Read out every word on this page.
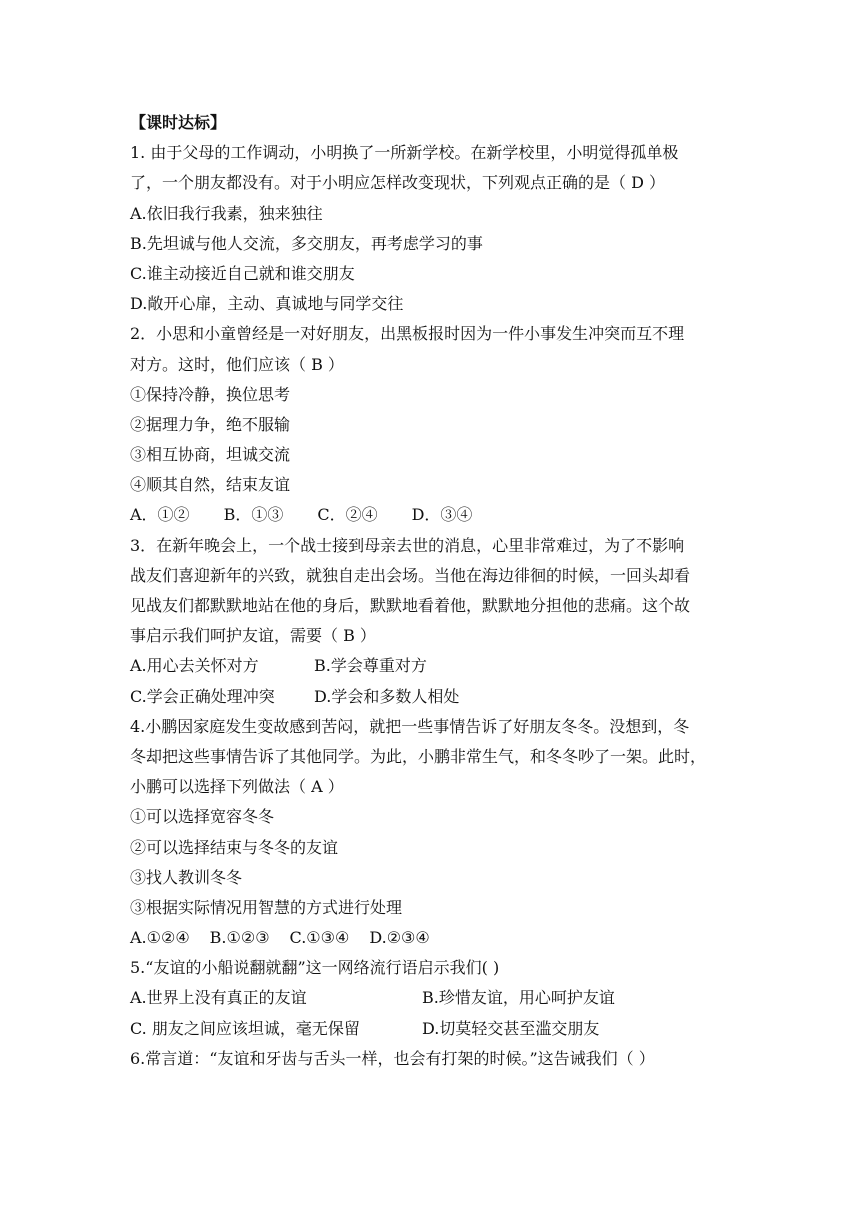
【课时达标】
1. 由于父母的工作调动，小明换了一所新学校。在新学校里，小明觉得孤单极
了，一个朋友都没有。对于小明应怎样改变现状，下列观点正确的是（ D ）
A.依旧我行我素，独来独往
B.先坦诚与他人交流，多交朋友，再考虑学习的事
C.谁主动接近自己就和谁交朋友
D.敞开心扉，主动、真诚地与同学交往
2．小思和小童曾经是一对好朋友，出黑板报时因为一件小事发生冲突而互不理
对方。这时，他们应该（ B ）
①保持冷静，换位思考
②据理力争，绝不服输
③相互协商，坦诚交流
④顺其自然，结束友谊
A．①② B．①③ C．②④ D．③④
3．在新年晚会上，一个战士接到母亲去世的消息，心里非常难过，为了不影响
战友们喜迎新年的兴致，就独自走出会场。当他在海边徘徊的时候，一回头却看
见战友们都默默地站在他的身后，默默地看着他，默默地分担他的悲痛。这个故
事启示我们呵护友谊，需要（ B ）
A.用心去关怀对方	B.学会尊重对方
C.学会正确处理冲突	D.学会和多数人相处
4.小鹏因家庭发生变故感到苦闷，就把一些事情告诉了好朋友冬冬。没想到，冬
冬却把这些事情告诉了其他同学。为此，小鹏非常生气，和冬冬吵了一架。此时，
小鹏可以选择下列做法（ A ）
①可以选择宽容冬冬
②可以选择结束与冬冬的友谊
③找人教训冬冬
③根据实际情况用智慧的方式进行处理
A.①②④ B.①②③ C.①③④ D.②③④
5.“友谊的小船说翻就翻”这一网络流行语启示我们( )
A.世界上没有真正的友谊	B.珍惜友谊，用心呵护友谊
C. 朋友之间应该坦诚，毫无保留	D.切莫轻交甚至滥交朋友
6.常言道：“友谊和牙齿与舌头一样，也会有打架的时候。”这告诫我们（ ）
